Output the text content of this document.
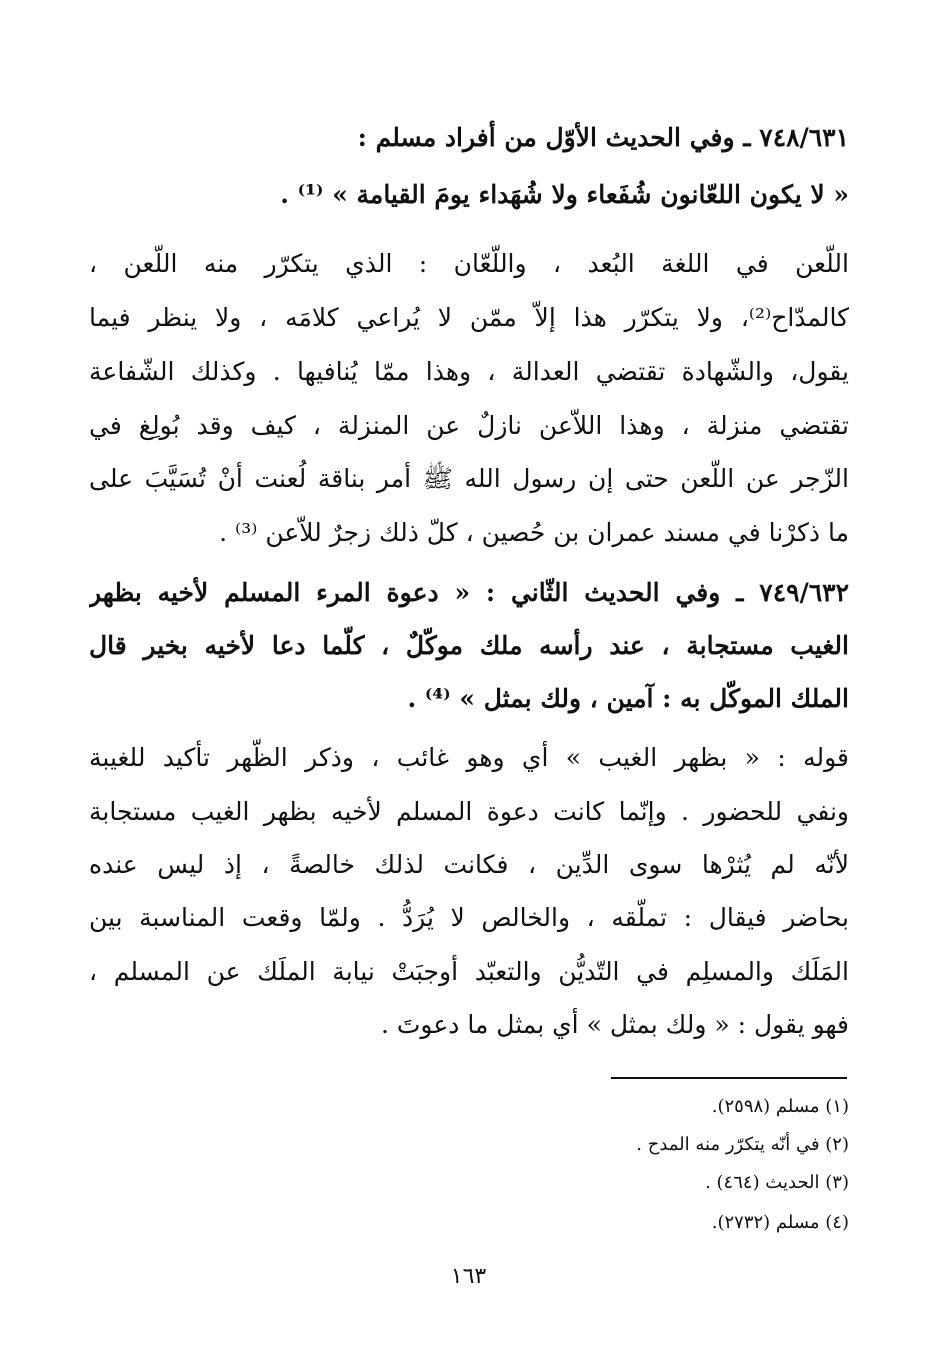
٧٤٨/٦٣١ ـ وفي الحديث الأوّل من أفراد مسلم :
« لا يكون اللعّانون شُفَعاء ولا شُهَداء يومَ القيامة » ⁽¹⁾ .
اللَّعن في اللغة البُعد ، واللَّعّان : الذي يتكرّر منه اللَّعن ،
كالمدّاح⁽²⁾، ولا يتكرّر هذا إلاّ ممّن لا يُراعي كلامَه ، ولا ينظر فيما
يقول، والشّهادة تقتضي العدالة ، وهذا ممّا يُنافيها . وكذلك الشّفاعة
تقتضي منزلة ، وهذا اللاّعن نازلٌ عن المنزلة ، كيف وقد بُولِغ في
الزّجر عن اللَّعن حتى إن رسول الله ﷺ أمر بناقة لُعنت أنْ تُسَيَّبَ على
ما ذكرْنا في مسند عمران بن حُصين ، كلّ ذلك زجرٌ للاّعن ⁽³⁾ .
٧٤٩/٦٣٢ ـ وفي الحديث الثّاني : « دعوة المرء المسلم لأخيه بظهر
الغيب مستجابة ، عند رأسه ملك موكّلٌ ، كلّما دعا لأخيه بخير قال
الملك الموكّل به : آمين ، ولك بمثل » ⁽⁴⁾ .
قوله : « بظهر الغيب » أي وهو غائب ، وذكر الظَّهر تأكيد للغيبة
ونفي للحضور . وإنّما كانت دعوة المسلم لأخيه بظهر الغيب مستجابة
لأنّه لم يُثرْها سوى الدِّين ، فكانت لذلك خالصةً ، إذ ليس عنده
بحاضر فيقال : تملَّقه ، والخالص لا يُرَدُّ . ولمّا وقعت المناسبة بين
المَلَك والمسلِم في التّديُّن والتعبّد أوجبَتْ نيابة الملَك عن المسلم ،
فهو يقول : « ولك بمثل » أي بمثل ما دعوتَ .
(١) مسلم (٢٥٩٨).
(٢) في أنّه يتكرّر منه المدح .
(٣) الحديث (٤٦٤) .
(٤) مسلم (٢٧٣٢).
١٦٣
